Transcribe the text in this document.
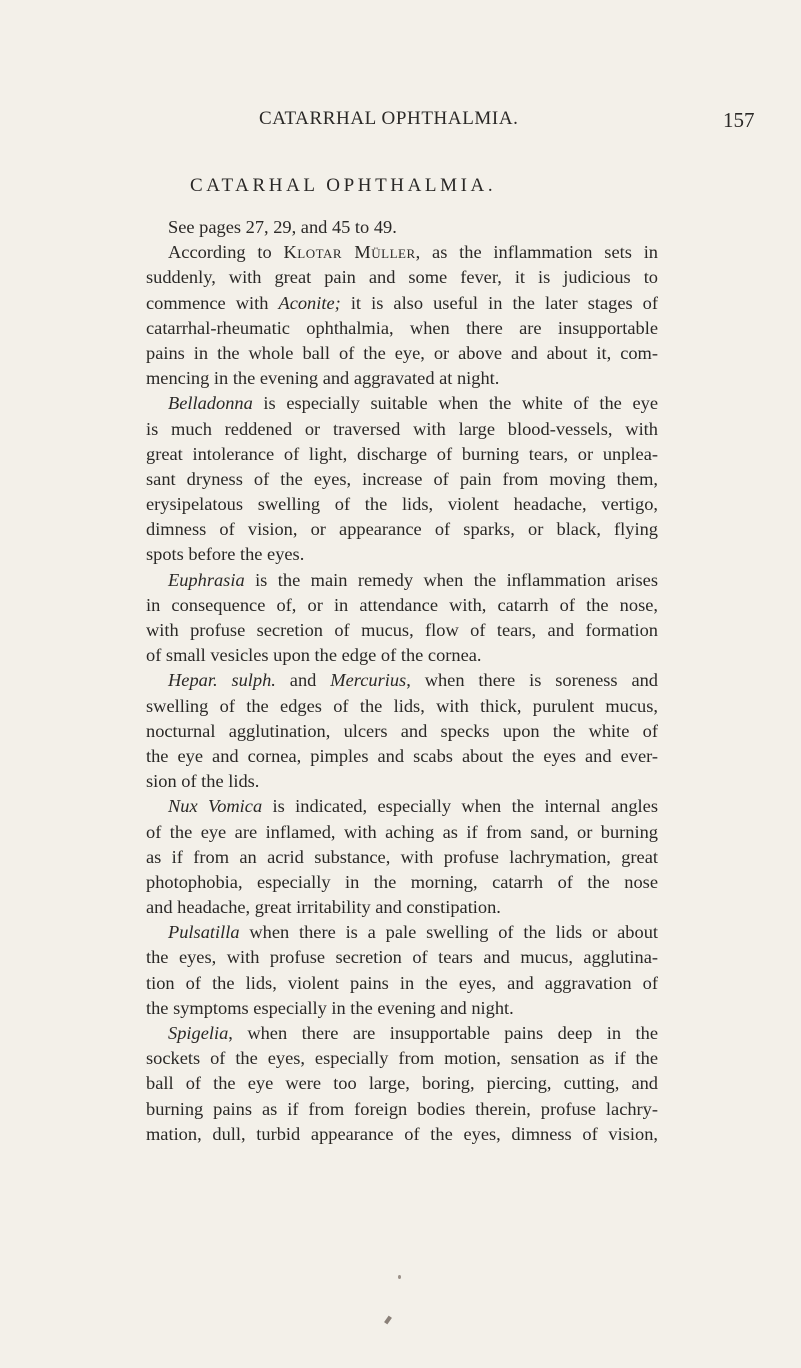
CATARRHAL OPHTHALMIA.	157
CATARHAL OPHTHALMIA.
See pages 27, 29, and 45 to 49.
According to Klotar Müller, as the inflammation sets in
suddenly, with great pain and some fever, it is judicious to
commence with Aconite; it is also useful in the later stages of
catarrhal-rheumatic ophthalmia, when there are insupportable
pains in the whole ball of the eye, or above and about it, com-
mencing in the evening and aggravated at night.
Belladonna is especially suitable when the white of the eye
is much reddened or traversed with large blood-vessels, with
great intolerance of light, discharge of burning tears, or unplea-
sant dryness of the eyes, increase of pain from moving them,
erysipelatous swelling of the lids, violent headache, vertigo,
dimness of vision, or appearance of sparks, or black, flying
spots before the eyes.
Euphrasia is the main remedy when the inflammation arises
in consequence of, or in attendance with, catarrh of the nose,
with profuse secretion of mucus, flow of tears, and formation
of small vesicles upon the edge of the cornea.
Hepar. sulph. and Mercurius, when there is soreness and
swelling of the edges of the lids, with thick, purulent mucus,
nocturnal agglutination, ulcers and specks upon the white of
the eye and cornea, pimples and scabs about the eyes and ever-
sion of the lids.
Nux Vomica is indicated, especially when the internal angles
of the eye are inflamed, with aching as if from sand, or burning
as if from an acrid substance, with profuse lachrymation, great
photophobia, especially in the morning, catarrh of the nose
and headache, great irritability and constipation.
Pulsatilla when there is a pale swelling of the lids or about
the eyes, with profuse secretion of tears and mucus, agglutina-
tion of the lids, violent pains in the eyes, and aggravation of
the symptoms especially in the evening and night.
Spigelia, when there are insupportable pains deep in the
sockets of the eyes, especially from motion, sensation as if the
ball of the eye were too large, boring, piercing, cutting, and
burning pains as if from foreign bodies therein, profuse lachry-
mation, dull, turbid appearance of the eyes, dimness of vision,
